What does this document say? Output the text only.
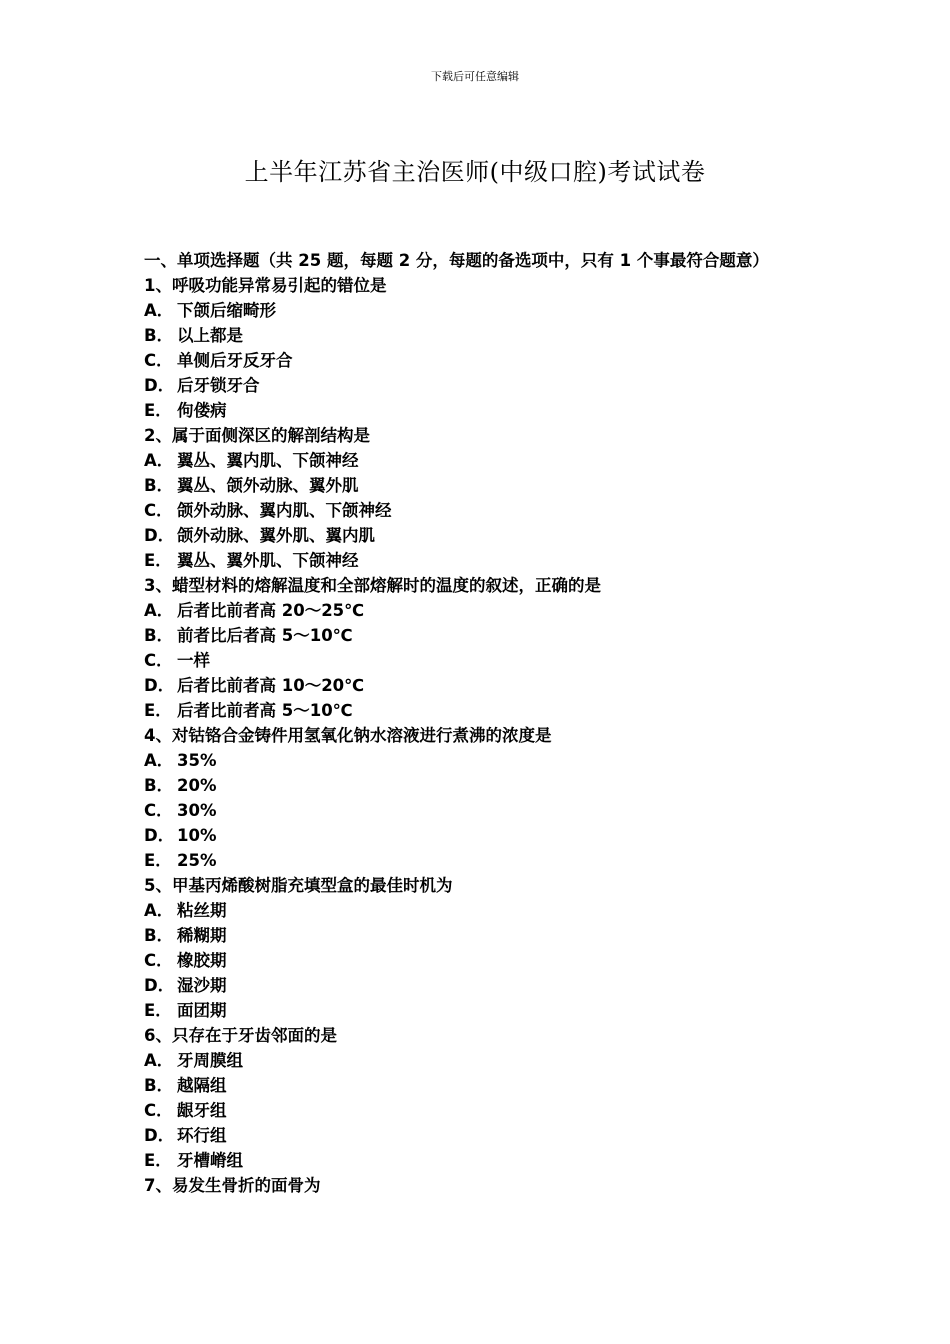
下载后可任意编辑
上半年江苏省主治医师(中级口腔)考试试卷

一、单项选择题（共 25 题，每题 2 分，每题的备选项中，只有 1 个事最符合题意）

1、呼吸功能异常易引起的错位是
A． 下颌后缩畸形
B． 以上都是
C． 单侧后牙反牙合
D． 后牙锁牙合
E． 佝偻病
2、属于面侧深区的解剖结构是
A． 翼丛、翼内肌、下颌神经
B． 翼丛、颌外动脉、翼外肌
C． 颌外动脉、翼内肌、下颌神经
D． 颌外动脉、翼外肌、翼内肌
E． 翼丛、翼外肌、下颌神经
3、蜡型材料的熔解温度和全部熔解时的温度的叙述，正确的是
A． 后者比前者高 20～25℃
B． 前者比后者高 5～10℃
C． 一样
D． 后者比前者高 10～20℃
E． 后者比前者高 5～10℃
4、对钴铬合金铸件用氢氧化钠水溶液进行煮沸的浓度是
A． 35%
B． 20%
C． 30%
D． 10%
E． 25%
5、甲基丙烯酸树脂充填型盒的最佳时机为
A． 粘丝期
B． 稀糊期
C． 橡胶期
D． 湿沙期
E． 面团期
6、只存在于牙齿邻面的是
A． 牙周膜组
B． 越隔组
C． 龈牙组
D． 环行组
E． 牙槽嵴组
7、易发生骨折的面骨为
